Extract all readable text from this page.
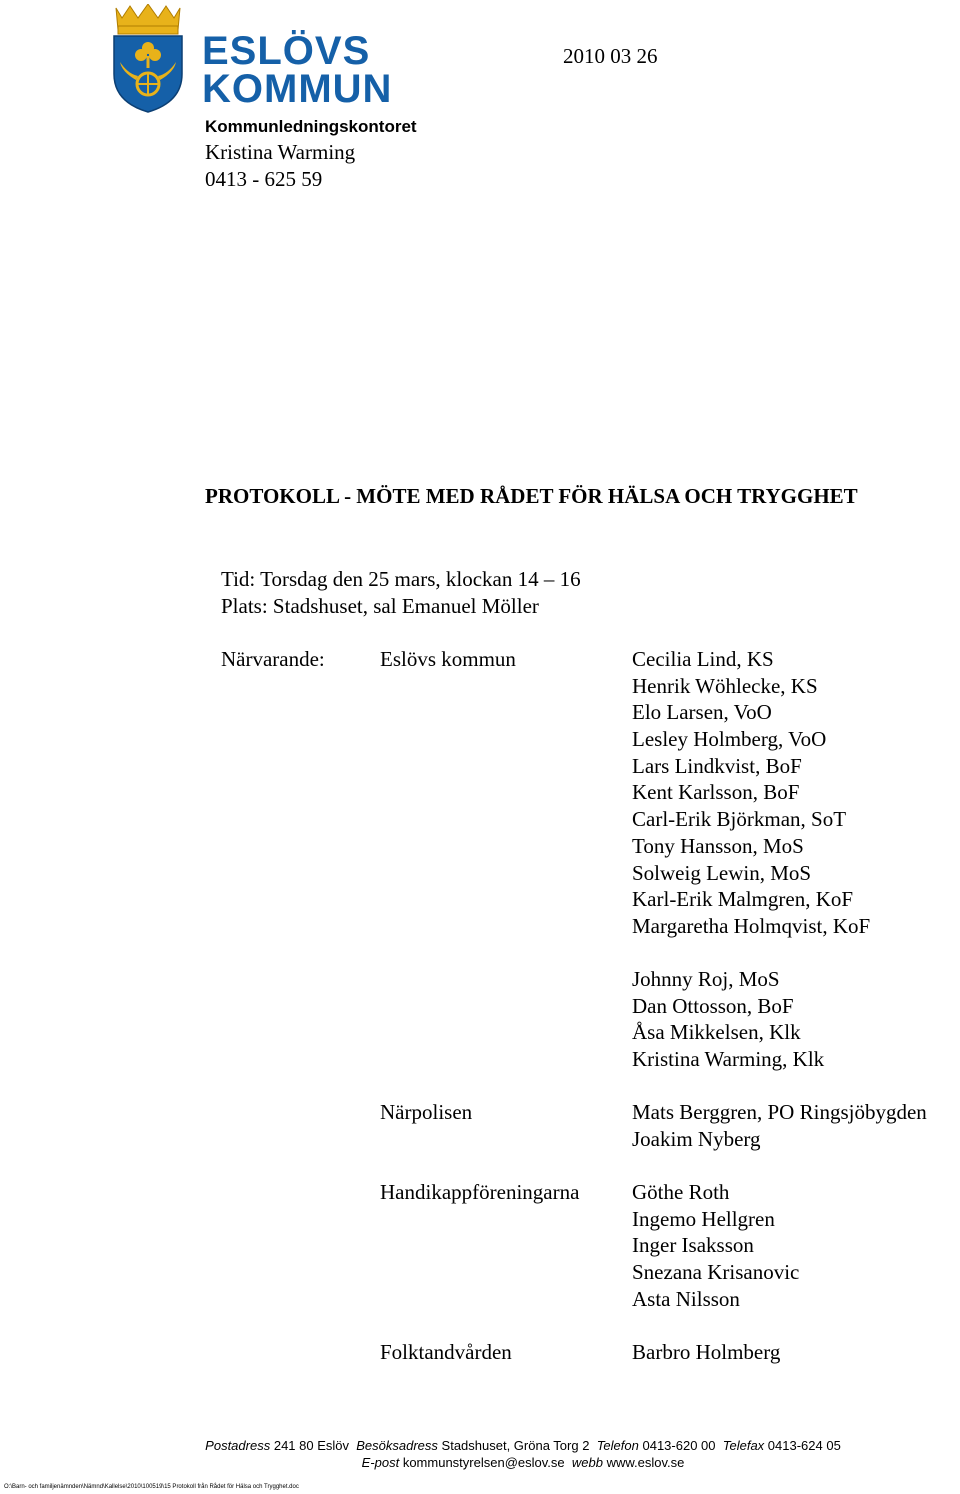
ESLÖVS
KOMMUN
2010 03 26
Kommunledningskontoret
Kristina Warming
0413 - 625 59
PROTOKOLL - MÖTE MED RÅDET FÖR HÄLSA OCH TRYGGHET
Tid: Torsdag den 25 mars, klockan 14 – 16
Plats: Stadshuset, sal Emanuel Möller
Närvarande:	Eslövs kommun	Cecilia Lind, KS
Henrik Wöhlecke, KS
Elo Larsen, VoO
Lesley Holmberg, VoO
Lars Lindkvist, BoF
Kent Karlsson, BoF
Carl-Erik Björkman, SoT
Tony Hansson, MoS
Solweig Lewin, MoS
Karl-Erik Malmgren, KoF
Margaretha Holmqvist, KoF
Johnny Roj, MoS
Dan Ottosson, BoF
Åsa Mikkelsen, Klk
Kristina Warming, Klk
Närpolisen	Mats Berggren, PO Ringsjöbygden
Joakim Nyberg
Handikappföreningarna	Göthe Roth
Ingemo Hellgren
Inger Isaksson
Snezana Krisanovic
Asta Nilsson
Folktandvården	Barbro Holmberg
Postadress 241 80 Eslöv Besöksadress Stadshuset, Gröna Torg 2 Telefon 0413-620 00 Telefax 0413-624 05
E-post kommunstyrelsen@eslov.se webb www.eslov.se
O:\Barn- och familjenämnden\Nämnd\Kallelse\2010\100519\15 Protokoll från Rådet för Hälsa och Trygghet.doc
